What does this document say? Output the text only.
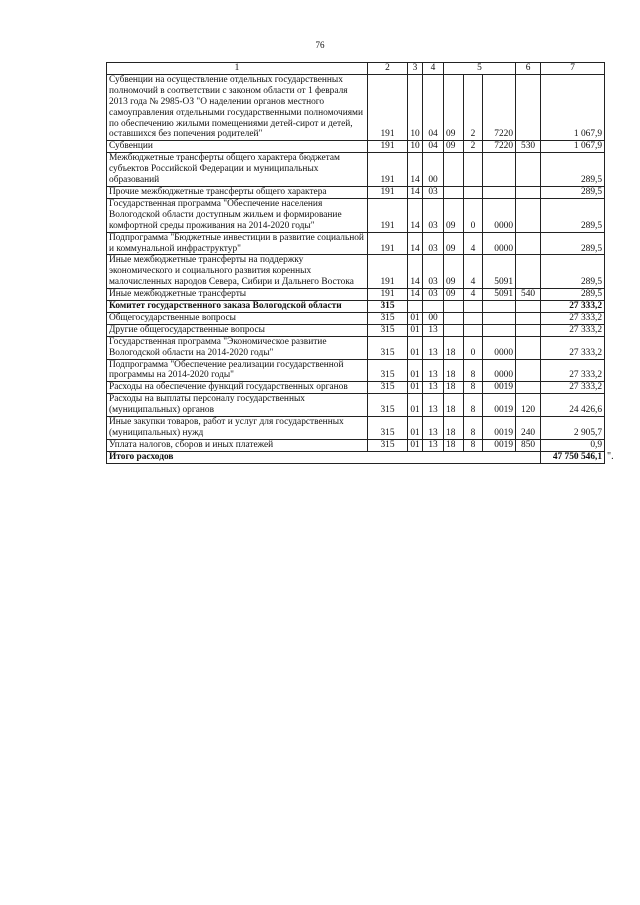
76
1	2	3	4	5			6	7
Субвенции на осуществление отдельных государственных полномочий в соответствии с законом области от 1 февраля 2013 года № 2985-ОЗ "О наделении органов местного самоуправления отдельными государственными полномочиями по обеспечению жилыми помещениями детей-сирот и детей, оставшихся без попечения родителей"	191	10	04	09	2	7220		1 067,9
Субвенции	191	10	04	09	2	7220	530	1 067,9
Межбюджетные трансферты общего характера бюджетам субъектов Российской Федерации и муниципальных образований	191	14	00					289,5
Прочие межбюджетные трансферты общего характера	191	14	03					289,5
Государственная программа "Обеспечение населения Вологодской области доступным жильем и формирование комфортной среды проживания на 2014-2020 годы"	191	14	03	09	0	0000		289,5
Подпрограмма "Бюджетные инвестиции в развитие социальной и коммунальной инфраструктур"	191	14	03	09	4	0000		289,5
Иные межбюджетные трансферты на поддержку экономического и социального развития коренных малочисленных народов Севера, Сибири и Дальнего Востока	191	14	03	09	4	5091		289,5
Иные межбюджетные трансферты	191	14	03	09	4	5091	540	289,5
Комитет государственного заказа Вологодской области	315							27 333,2
Общегосударственные вопросы	315	01	00					27 333,2
Другие общегосударственные вопросы	315	01	13					27 333,2
Государственная программа "Экономическое развитие Вологодской области на 2014-2020 годы"	315	01	13	18	0	0000		27 333,2
Подпрограмма "Обеспечение реализации государственной программы на 2014-2020 годы"	315	01	13	18	8	0000		27 333,2
Расходы на обеспечение функций государственных органов	315	01	13	18	8	0019		27 333,2
Расходы на выплаты персоналу государственных (муниципальных) органов	315	01	13	18	8	0019	120	24 426,6
Иные закупки товаров, работ и услуг для государственных (муниципальных) нужд	315	01	13	18	8	0019	240	2 905,7
Уплата налогов, сборов и иных платежей	315	01	13	18	8	0019	850	0,9
Итого расходов								47 750 546,1 ".
